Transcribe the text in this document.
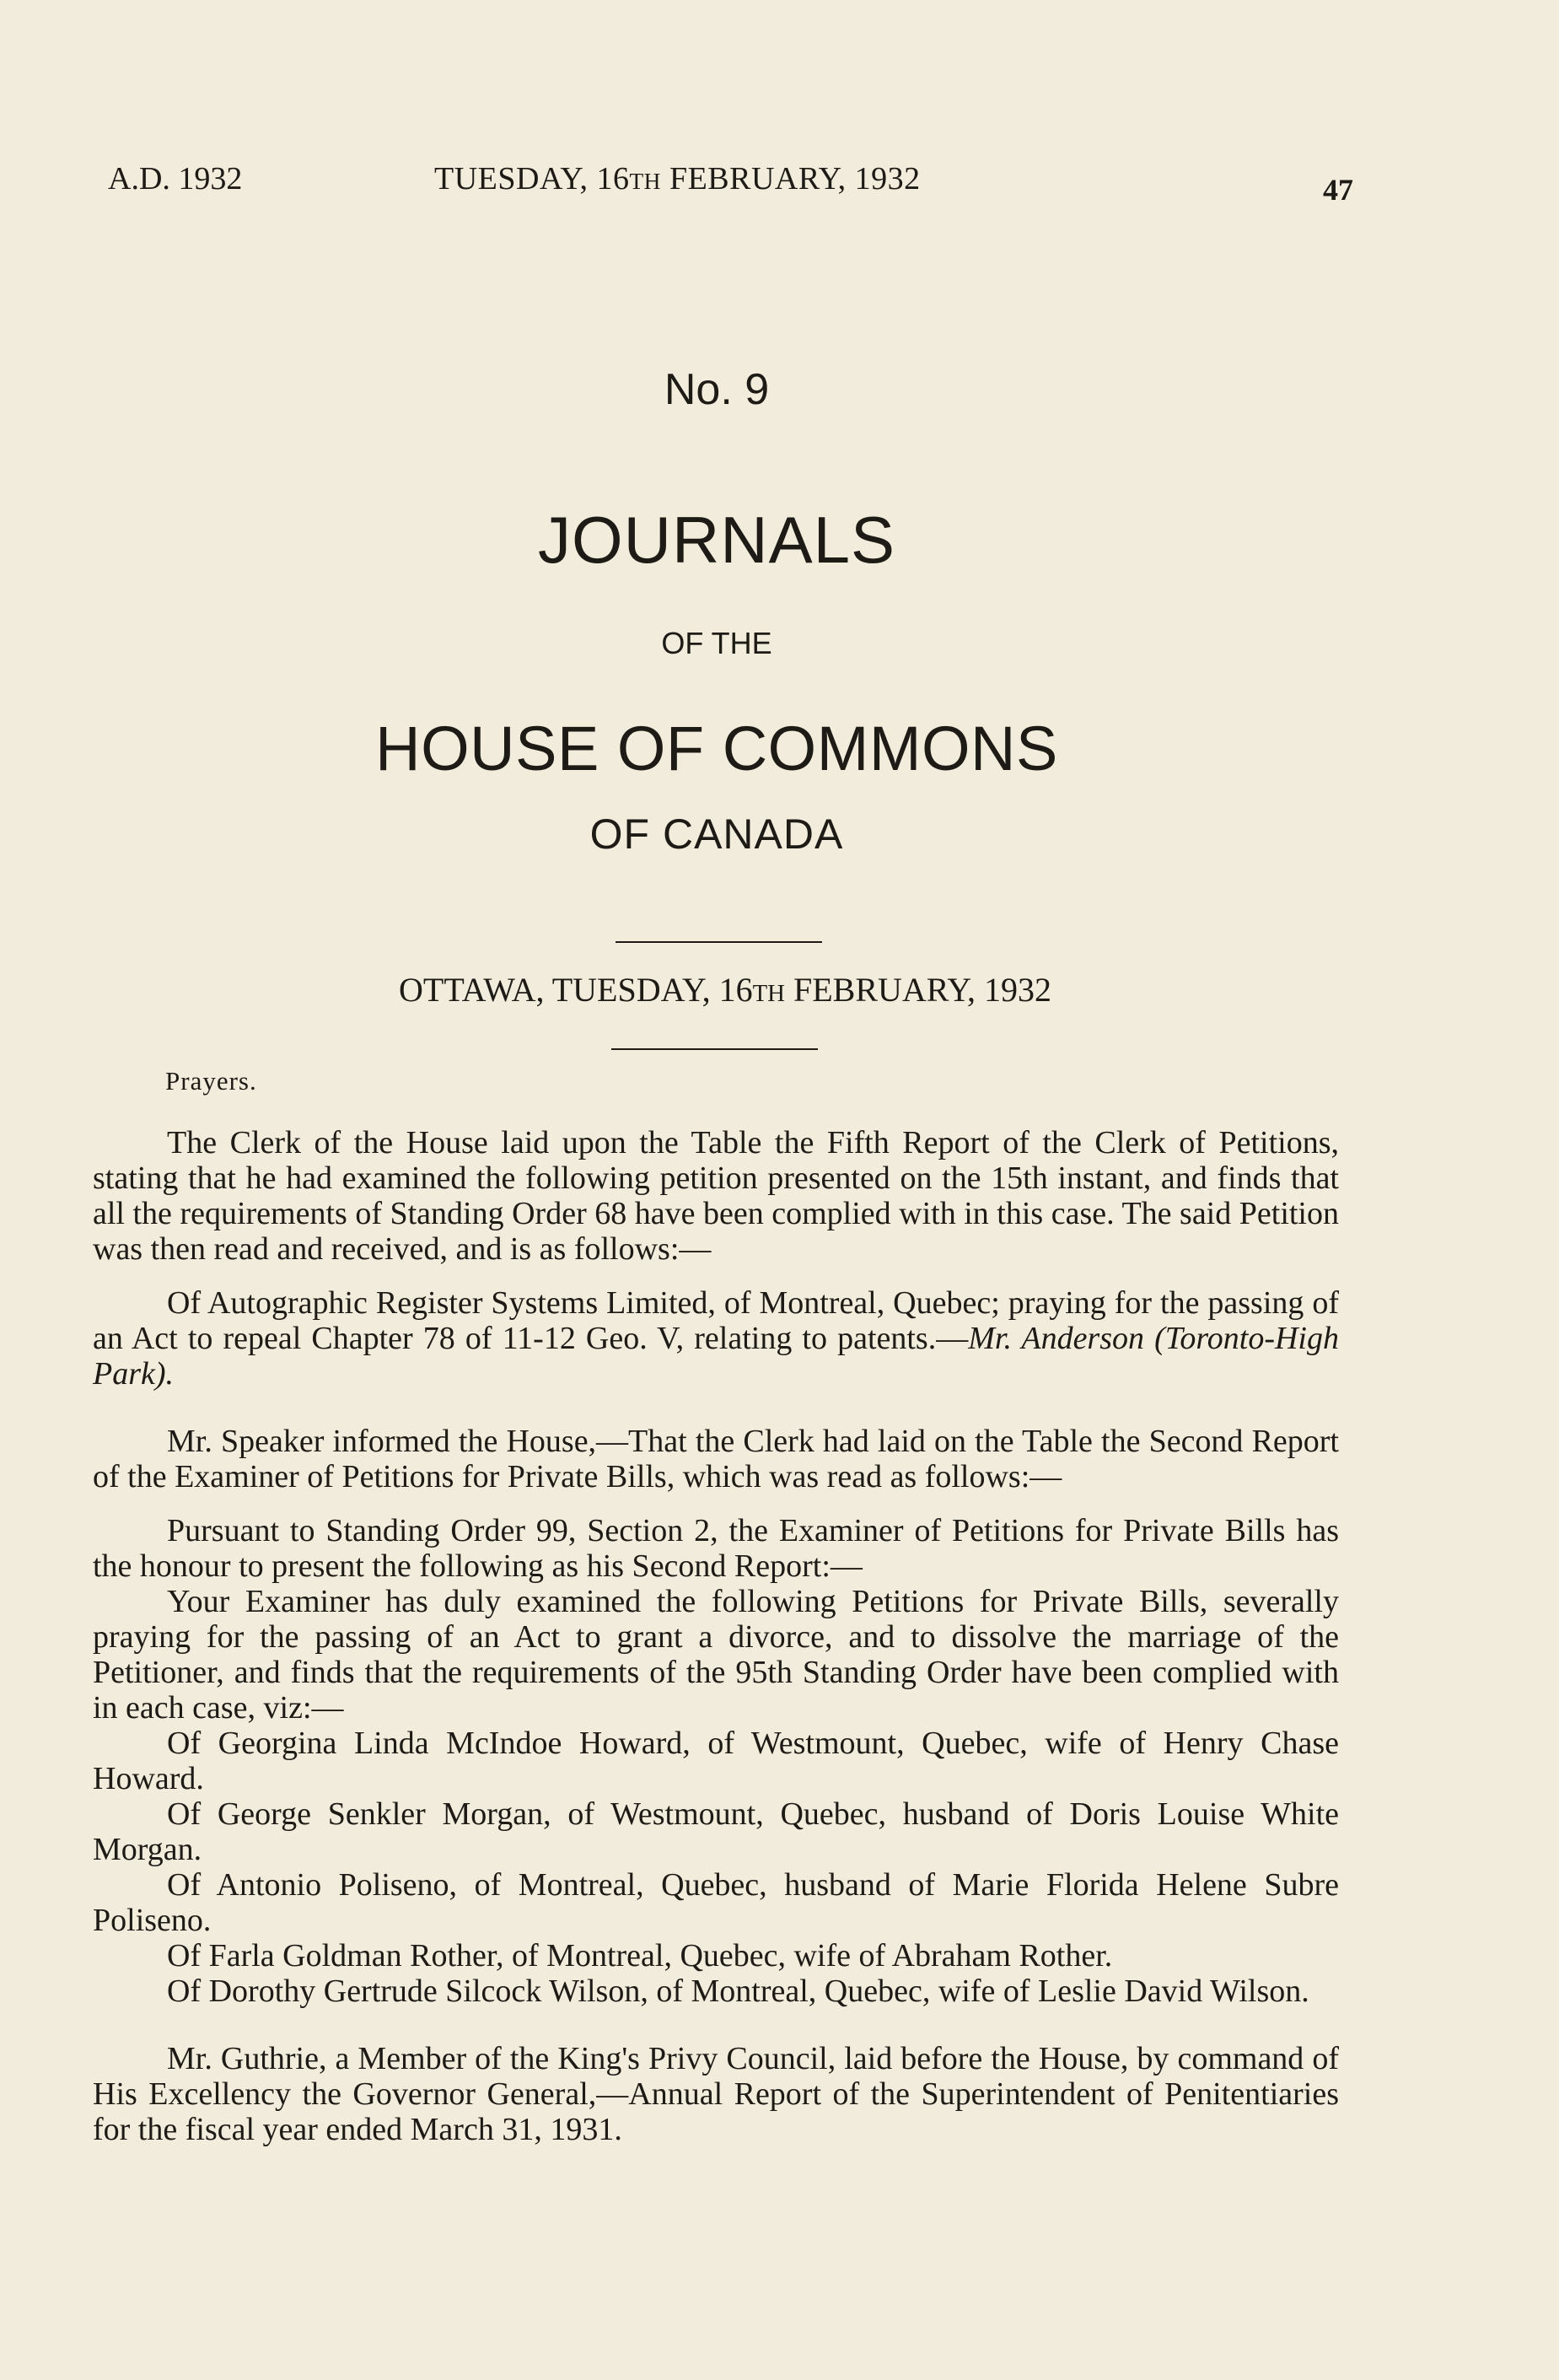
A.D. 1932	TUESDAY, 16TH FEBRUARY, 1932	47
No. 9
JOURNALS
OF THE
HOUSE OF COMMONS
OF CANADA
OTTAWA, TUESDAY, 16TH FEBRUARY, 1932
Prayers.

The Clerk of the House laid upon the Table the Fifth Report of the Clerk of Petitions, stating that he had examined the following petition presented on the 15th instant, and finds that all the requirements of Standing Order 68 have been complied with in this case. The said Petition was then read and received, and is as follows:—

Of Autographic Register Systems Limited, of Montreal, Quebec; praying for the passing of an Act to repeal Chapter 78 of 11-12 Geo. V, relating to patents.—Mr. Anderson (Toronto-High Park).

Mr. Speaker informed the House,—That the Clerk had laid on the Table the Second Report of the Examiner of Petitions for Private Bills, which was read as follows:—

Pursuant to Standing Order 99, Section 2, the Examiner of Petitions for Private Bills has the honour to present the following as his Second Report:—

Your Examiner has duly examined the following Petitions for Private Bills, severally praying for the passing of an Act to grant a divorce, and to dissolve the marriage of the Petitioner, and finds that the requirements of the 95th Standing Order have been complied with in each case, viz:—

Of Georgina Linda McIndoe Howard, of Westmount, Quebec, wife of Henry Chase Howard.

Of George Senkler Morgan, of Westmount, Quebec, husband of Doris Louise White Morgan.

Of Antonio Poliseno, of Montreal, Quebec, husband of Marie Florida Helene Subre Poliseno.

Of Farla Goldman Rother, of Montreal, Quebec, wife of Abraham Rother.

Of Dorothy Gertrude Silcock Wilson, of Montreal, Quebec, wife of Leslie David Wilson.

Mr. Guthrie, a Member of the King's Privy Council, laid before the House, by command of His Excellency the Governor General,—Annual Report of the Superintendent of Penitentiaries for the fiscal year ended March 31, 1931.
